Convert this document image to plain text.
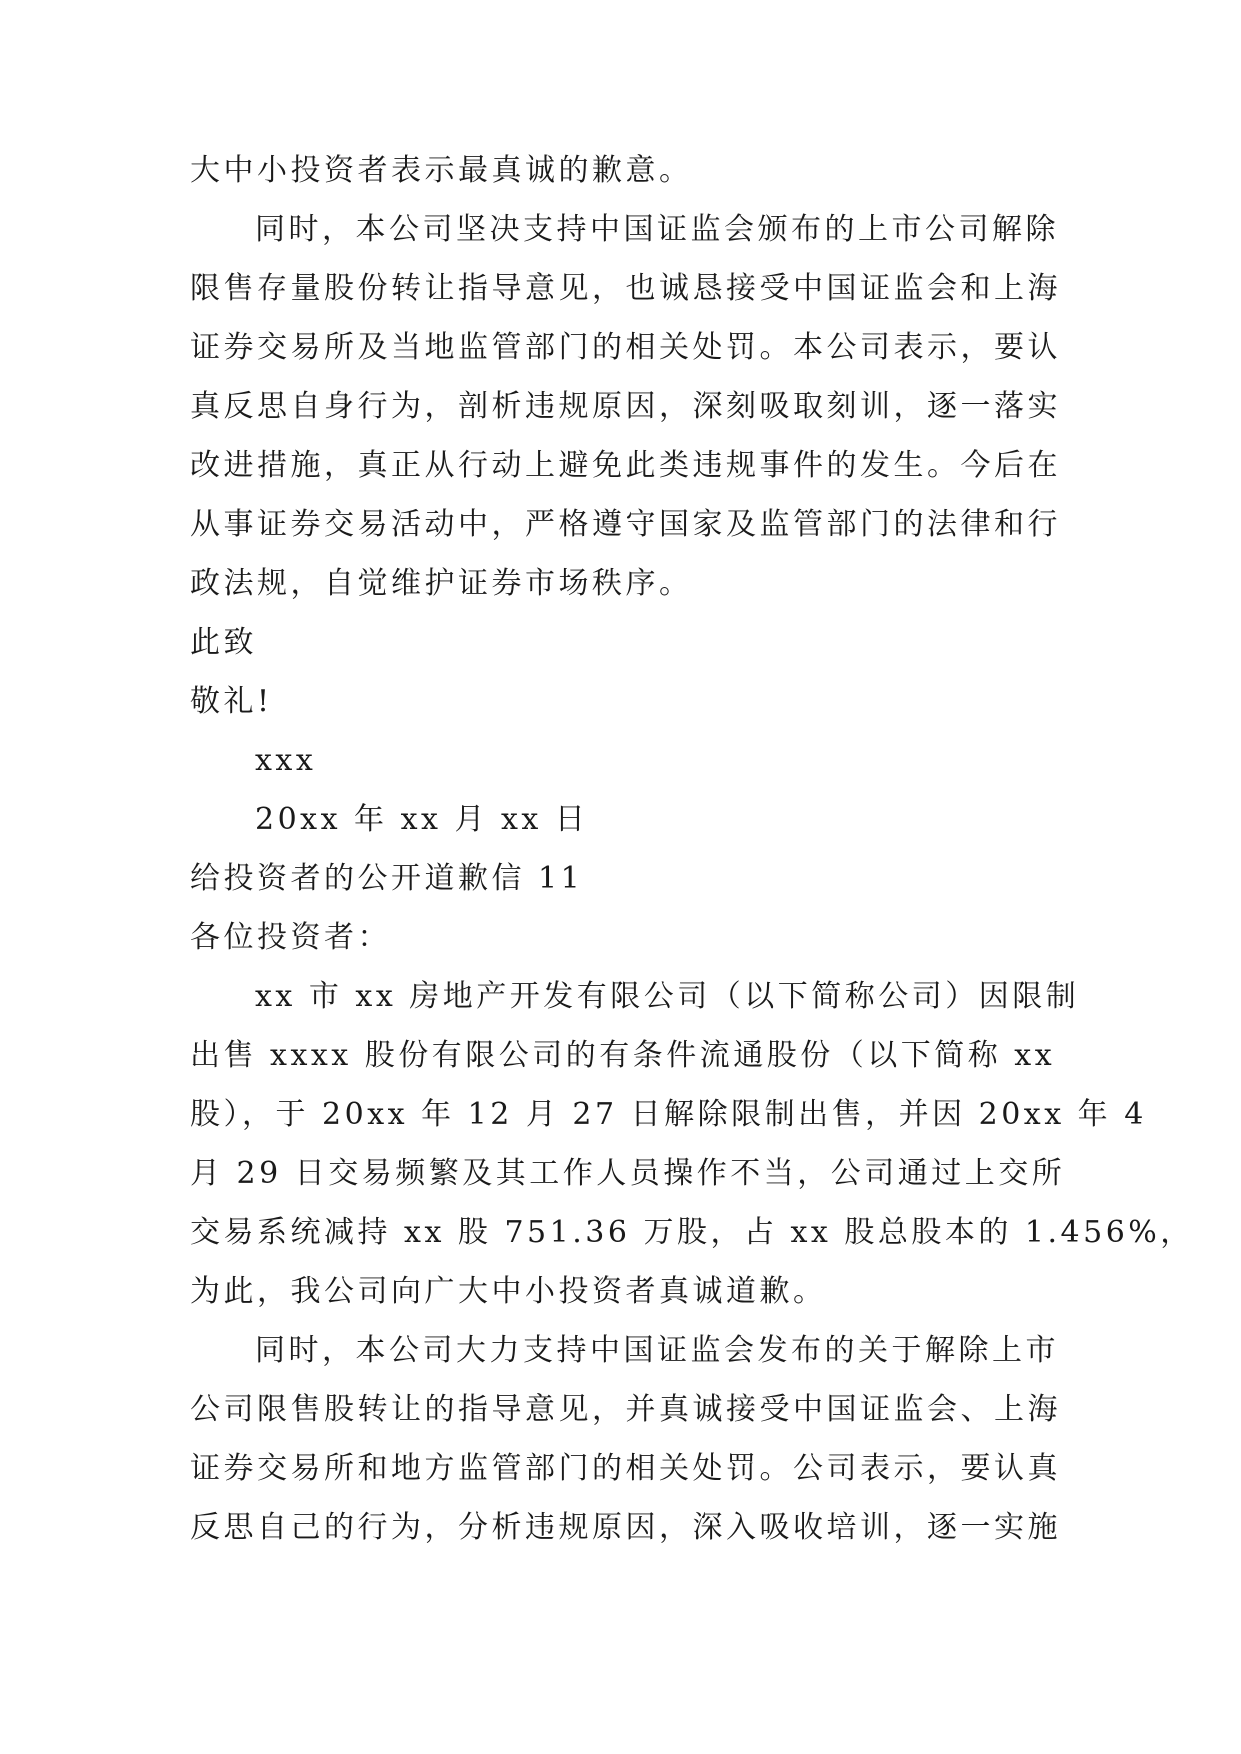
大中小投资者表示最真诚的歉意。
同时，本公司坚决支持中国证监会颁布的上市公司解除
限售存量股份转让指导意见，也诚恳接受中国证监会和上海
证券交易所及当地监管部门的相关处罚。本公司表示，要认
真反思自身行为，剖析违规原因，深刻吸取刻训，逐一落实
改进措施，真正从行动上避免此类违规事件的发生。今后在
从事证券交易活动中，严格遵守国家及监管部门的法律和行
政法规，自觉维护证券市场秩序。
此致
敬礼!
xxx
20xx 年 xx 月 xx 日
给投资者的公开道歉信 11
各位投资者：
xx 市 xx 房地产开发有限公司（以下简称公司）因限制
出售 xxxx 股份有限公司的有条件流通股份（以下简称 xx
股），于 20xx 年 12 月 27 日解除限制出售，并因 20xx 年 4
月 29 日交易频繁及其工作人员操作不当，公司通过上交所
交易系统减持 xx 股 751.36 万股，占 xx 股总股本的 1.456%，
为此，我公司向广大中小投资者真诚道歉。
同时，本公司大力支持中国证监会发布的关于解除上市
公司限售股转让的指导意见，并真诚接受中国证监会、上海
证券交易所和地方监管部门的相关处罚。公司表示，要认真
反思自己的行为，分析违规原因，深入吸收培训，逐一实施
